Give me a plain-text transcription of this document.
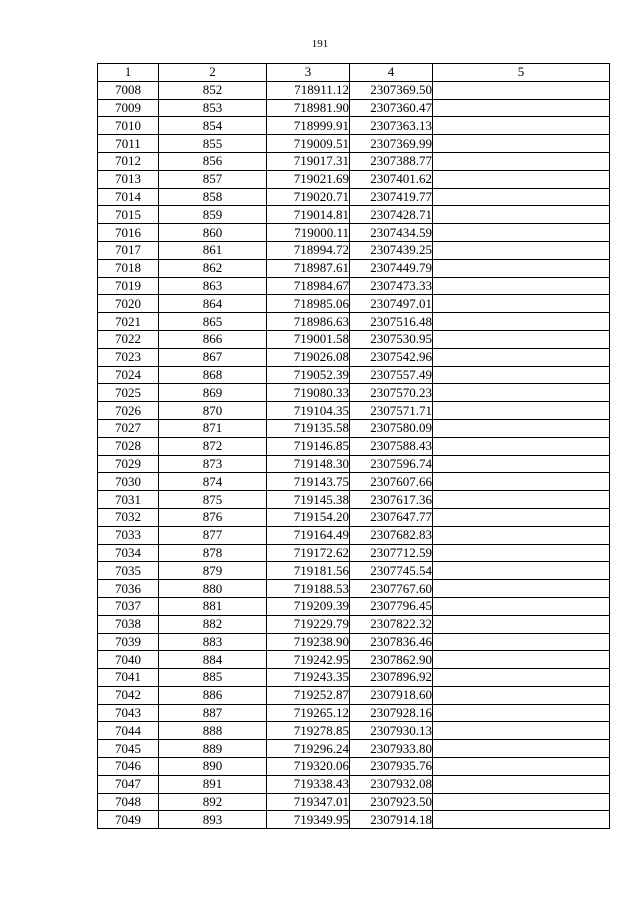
191
1	2	3	4	5
7008	852	718911.12	2307369.50	
7009	853	718981.90	2307360.47	
7010	854	718999.91	2307363.13	
7011	855	719009.51	2307369.99	
7012	856	719017.31	2307388.77	
7013	857	719021.69	2307401.62	
7014	858	719020.71	2307419.77	
7015	859	719014.81	2307428.71	
7016	860	719000.11	2307434.59	
7017	861	718994.72	2307439.25	
7018	862	718987.61	2307449.79	
7019	863	718984.67	2307473.33	
7020	864	718985.06	2307497.01	
7021	865	718986.63	2307516.48	
7022	866	719001.58	2307530.95	
7023	867	719026.08	2307542.96	
7024	868	719052.39	2307557.49	
7025	869	719080.33	2307570.23	
7026	870	719104.35	2307571.71	
7027	871	719135.58	2307580.09	
7028	872	719146.85	2307588.43	
7029	873	719148.30	2307596.74	
7030	874	719143.75	2307607.66	
7031	875	719145.38	2307617.36	
7032	876	719154.20	2307647.77	
7033	877	719164.49	2307682.83	
7034	878	719172.62	2307712.59	
7035	879	719181.56	2307745.54	
7036	880	719188.53	2307767.60	
7037	881	719209.39	2307796.45	
7038	882	719229.79	2307822.32	
7039	883	719238.90	2307836.46	
7040	884	719242.95	2307862.90	
7041	885	719243.35	2307896.92	
7042	886	719252.87	2307918.60	
7043	887	719265.12	2307928.16	
7044	888	719278.85	2307930.13	
7045	889	719296.24	2307933.80	
7046	890	719320.06	2307935.76	
7047	891	719338.43	2307932.08	
7048	892	719347.01	2307923.50	
7049	893	719349.95	2307914.18	
